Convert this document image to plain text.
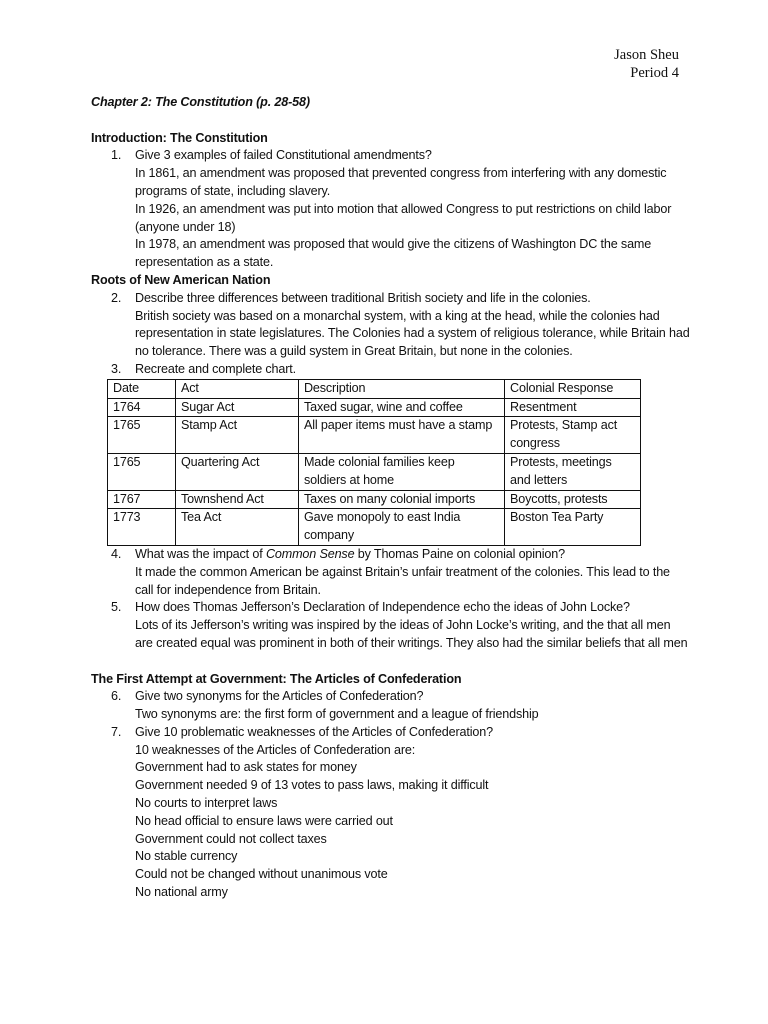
Jason Sheu
Period 4
Chapter 2: The Constitution (p. 28-58)
Introduction: The Constitution
1. Give 3 examples of failed Constitutional amendments?
In 1861, an amendment was proposed that prevented congress from interfering with any domestic programs of state, including slavery.
In 1926, an amendment was put into motion that allowed Congress to put restrictions on child labor (anyone under 18)
In 1978, an amendment was proposed that would give the citizens of Washington DC the same representation as a state.
Roots of New American Nation
2. Describe three differences between traditional British society and life in the colonies.
British society was based on a monarchal system, with a king at the head, while the colonies had representation in state legislatures. The Colonies had a system of religious tolerance, while Britain had no tolerance. There was a guild system in Great Britain, but none in the colonies.
3. Recreate and complete chart.
Date	Act	Description	Colonial Response
1764	Sugar Act	Taxed sugar, wine and coffee	Resentment
1765	Stamp Act	All paper items must have a stamp	Protests, Stamp act congress
1765	Quartering Act	Made colonial families keep soldiers at home	Protests, meetings and letters
1767	Townshend Act	Taxes on many colonial imports	Boycotts, protests
1773	Tea Act	Gave monopoly to east India company	Boston Tea Party
4. What was the impact of Common Sense by Thomas Paine on colonial opinion?
It made the common American be against Britain’s unfair treatment of the colonies. This lead to the call for independence from Britain.
5. How does Thomas Jefferson’s Declaration of Independence echo the ideas of John Locke?
Lots of its Jefferson’s writing was inspired by the ideas of John Locke’s writing, and the that all men are created equal was prominent in both of their writings. They also had the similar beliefs that all men
The First Attempt at Government: The Articles of Confederation
6. Give two synonyms for the Articles of Confederation?
Two synonyms are: the first form of government and a league of friendship
7. Give 10 problematic weaknesses of the Articles of Confederation?
10 weaknesses of the Articles of Confederation are:
Government had to ask states for money
Government needed 9 of 13 votes to pass laws, making it difficult
No courts to interpret laws
No head official to ensure laws were carried out
Government could not collect taxes
No stable currency
Could not be changed without unanimous vote
No national army
